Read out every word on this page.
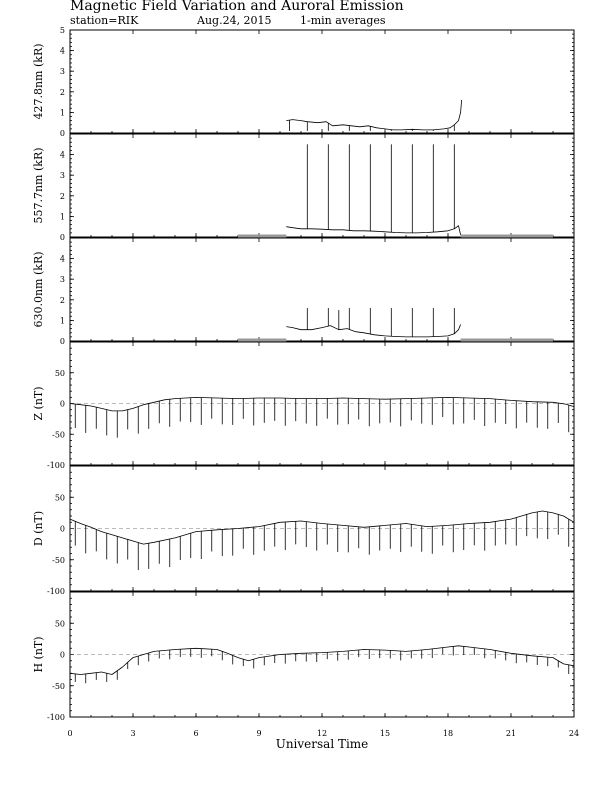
Magnetic Field Variation and Auroral Emission
station=RIK	Aug.24, 2015	1-min averages
0
1
2
3
4
5
427.8nm (kR)
0
1
2
3
4
557.7nm (kR)
0
1
2
3
4
630.0nm (kR)
-100
-50
0
50
Z (nT)
-100
-50
0
50
D (nT)
-100
-50
0
50
H (nT)
0	3	6	9	12	15	18	21	24
Universal Time
